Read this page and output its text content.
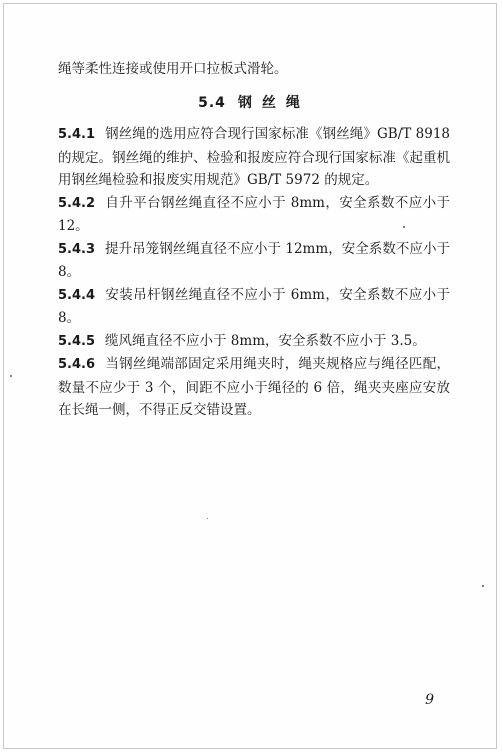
绳等柔性连接或使用开口拉板式滑轮。

5.4 钢丝绳

5.4.1 钢丝绳的选用应符合现行国家标准《钢丝绳》GB/T 8918的规定。钢丝绳的维护、检验和报废应符合现行国家标准《起重机用钢丝绳检验和报废实用规范》GB/T 5972 的规定。

5.4.2 自升平台钢丝绳直径不应小于 8mm，安全系数不应小于12。

5.4.3 提升吊笼钢丝绳直径不应小于 12mm，安全系数不应小于8。

5.4.4 安装吊杆钢丝绳直径不应小于 6mm，安全系数不应小于8。

5.4.5 缆风绳直径不应小于 8mm，安全系数不应小于 3.5。

5.4.6 当钢丝绳端部固定采用绳夹时，绳夹规格应与绳径匹配，数量不应少于 3 个，间距不应小于绳径的 6 倍，绳夹夹座应安放在长绳一侧，不得正反交错设置。

9
